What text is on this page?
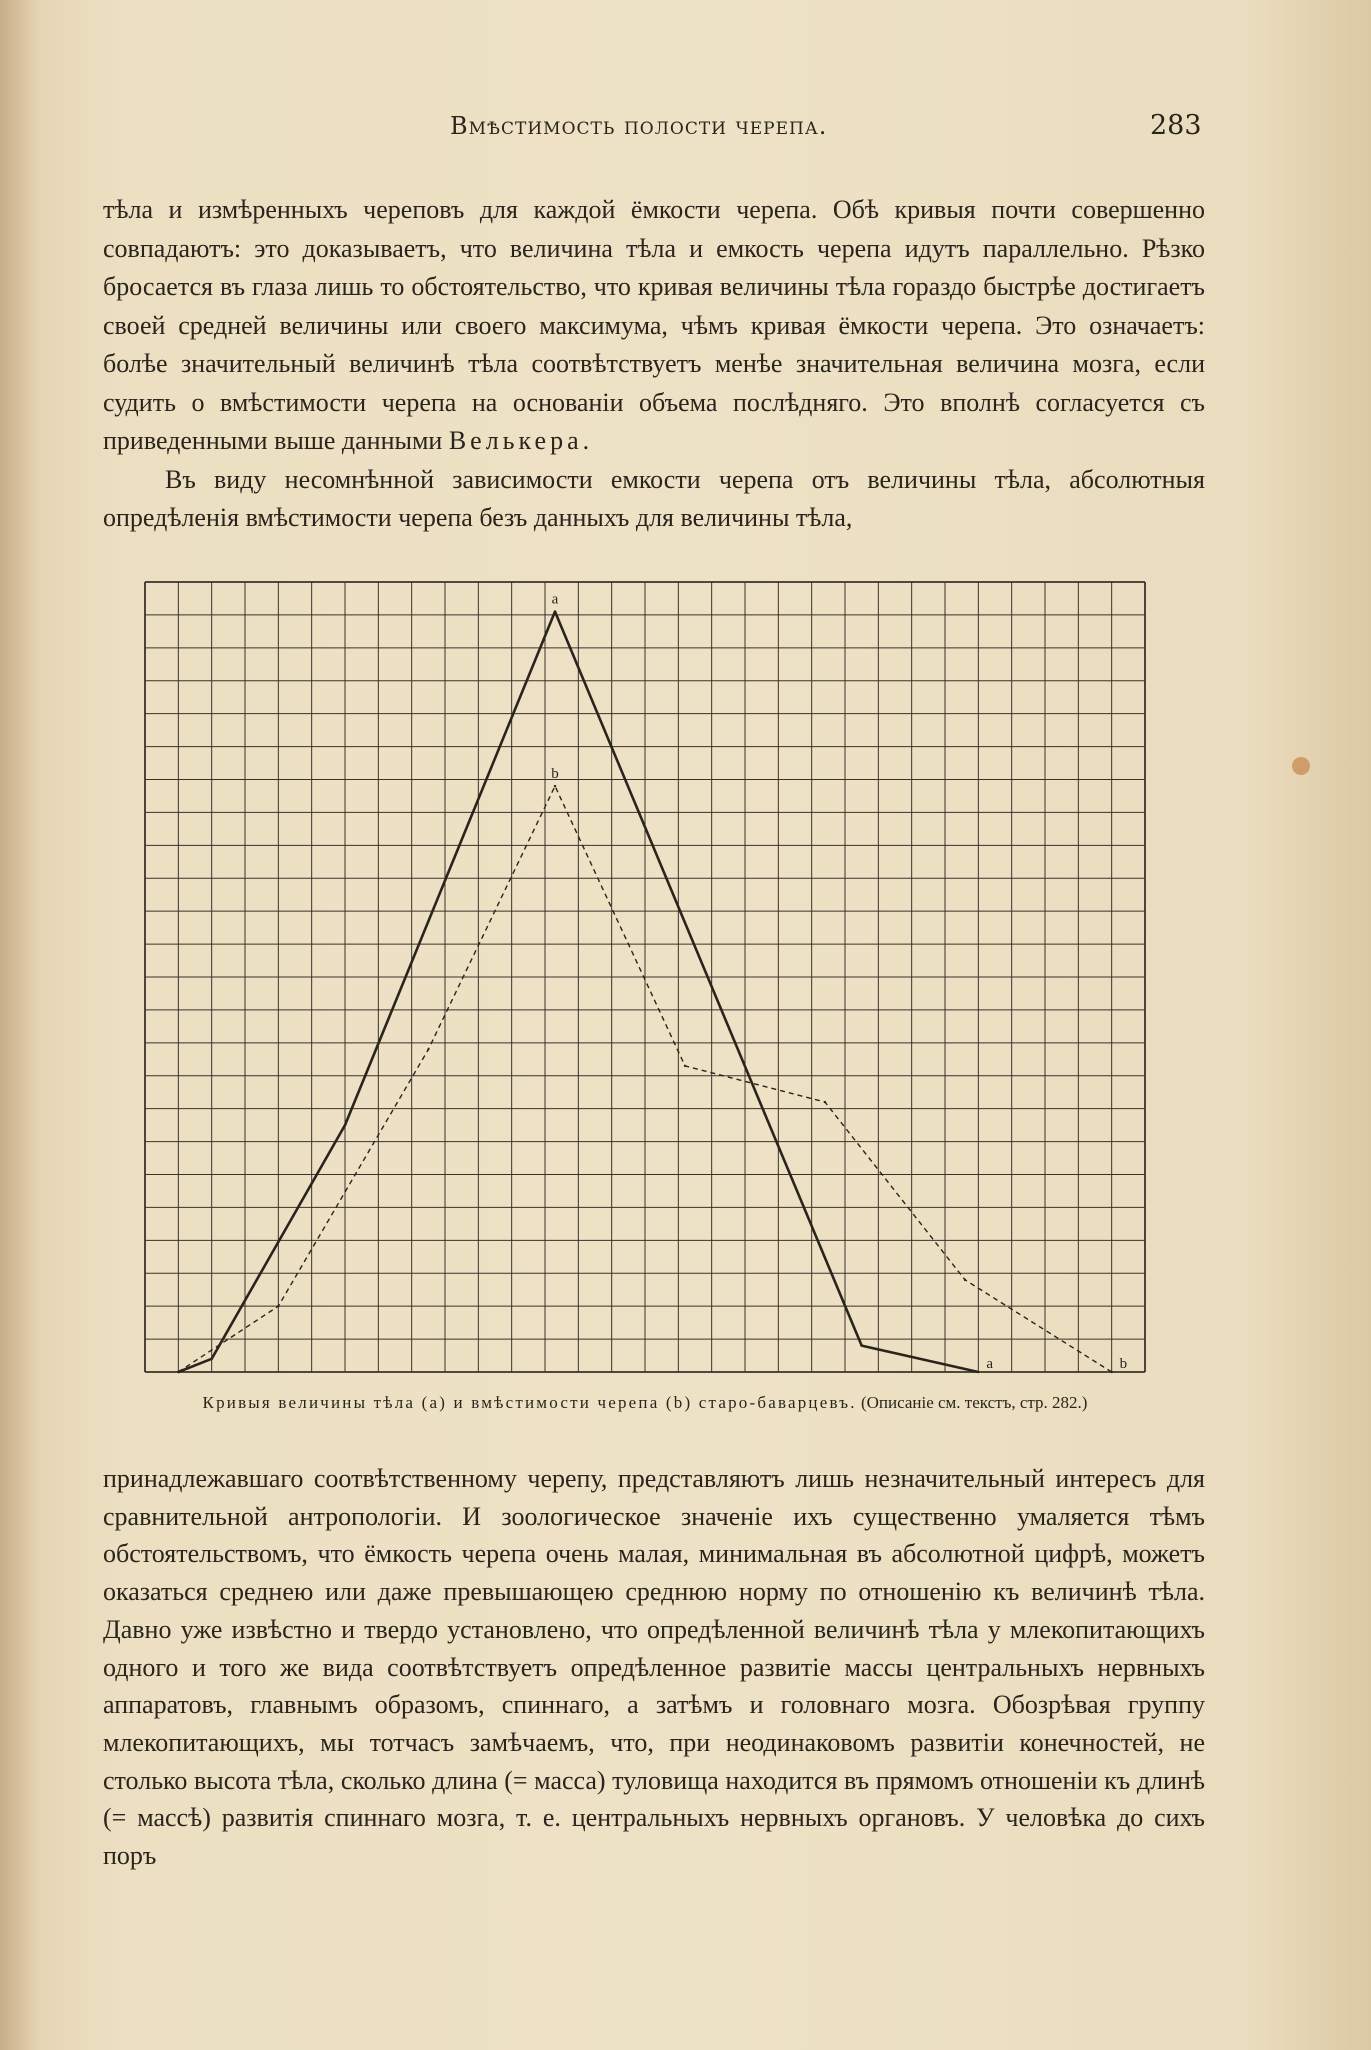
Вмѣстимость полости черепа.	283

тѣла и измѣренныхъ череповъ для каждой ёмкости черепа. Обѣ кривыя почти совершенно совпадаютъ: это доказываетъ, что величина тѣла и емкость черепа идутъ параллельно. Рѣзко бросается въ глаза лишь то обстоятельство, что кривая величины тѣла гораздо быстрѣе достигаетъ своей средней величины или своего максимума, чѣмъ кривая ёмкости черепа. Это означаетъ: болѣе значительный величинѣ тѣла соотвѣтствуетъ менѣе значительная величина мозга, если судить о вмѣстимости черепа на основаніи объема послѣдняго. Это вполнѣ согласуется съ приведенными выше данными Велькера.

Въ виду несомнѣнной зависимости емкости черепа отъ величины тѣла, абсолютныя опредѣленія вмѣстимости черепа безъ данныхъ для величины тѣла,

a
a
b
b
Кривыя величины тѣла (a) и вмѣстимости черепа (b) старо-баварцевъ. (Описаніе см. текстъ, стр. 282.)

принадлежавшаго соотвѣтственному черепу, представляютъ лишь незначительный интересъ для сравнительной антропологіи. И зоологическое значеніе ихъ существенно умаляется тѣмъ обстоятельствомъ, что ёмкость черепа очень малая, минимальная въ абсолютной цифрѣ, можетъ оказаться среднею или даже превышающею среднюю норму по отношенію къ величинѣ тѣла. Давно уже извѣстно и твердо установлено, что опредѣленной величинѣ тѣла у млекопитающихъ одного и того же вида соотвѣтствуетъ опредѣленное развитіе массы центральныхъ нервныхъ аппаратовъ, главнымъ образомъ, спиннаго, а затѣмъ и головнаго мозга. Обозрѣвая группу млекопитающихъ, мы тотчасъ замѣчаемъ, что, при неодинаковомъ развитіи конечностей, не столько высота тѣла, сколько длина (= масса) туловища находится въ прямомъ отношеніи къ длинѣ (= массѣ) развитія спиннаго мозга, т. е. центральныхъ нервныхъ органовъ. У человѣка до сихъ поръ
